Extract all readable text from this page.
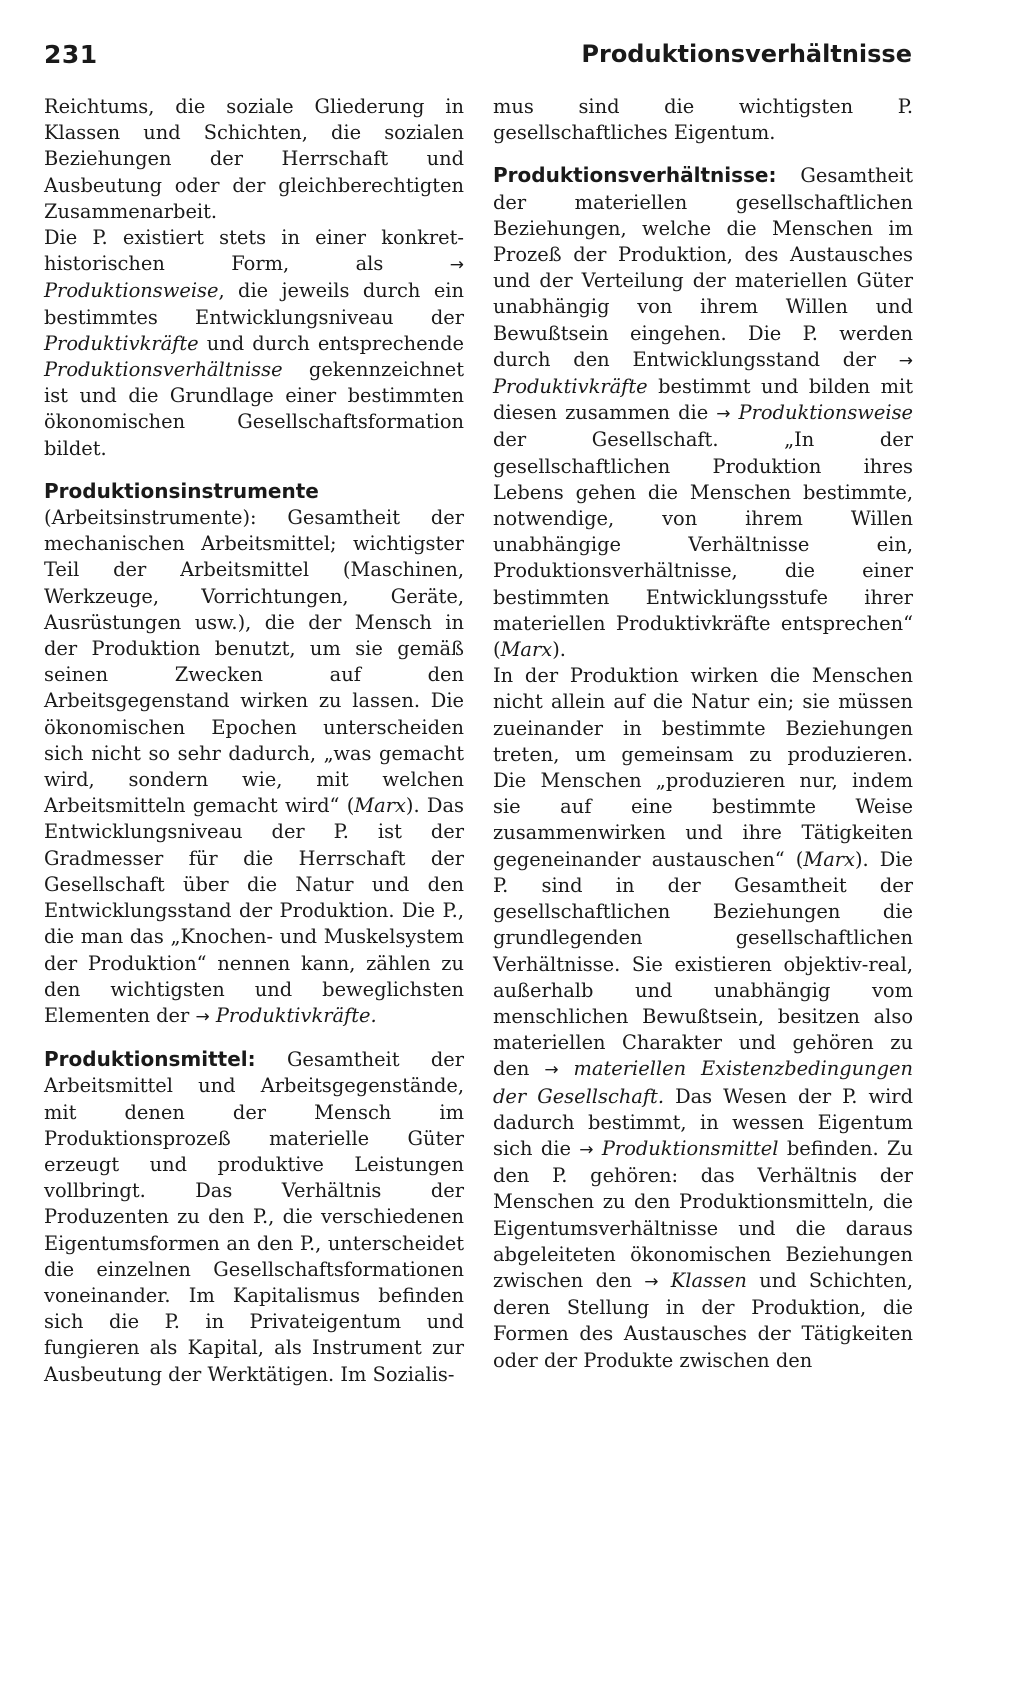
231	Produktionsverhältnisse

Reichtums, die soziale Gliederung in Klassen und Schichten, die sozialen Beziehungen der Herrschaft und Ausbeutung oder der gleichberechtigten Zusammenarbeit.

Die P. existiert stets in einer konkret-historischen Form, als	→ Produktionsweise, die jeweils durch ein bestimmtes Entwicklungsniveau der Produktivkräfte und durch entsprechende Produktionsverhältnisse gekennzeichnet ist und die Grundlage einer bestimmten ökonomischen Gesellschaftsformation bildet.

Produktionsinstrumente (Arbeitsinstrumente): Gesamtheit der mechanischen Arbeitsmittel; wichtigster Teil der Arbeitsmittel (Maschinen, Werkzeuge, Vorrichtungen, Geräte, Ausrüstungen usw.), die der Mensch in der Produktion benutzt, um sie gemäß seinen Zwecken auf den Arbeitsgegenstand wirken zu lassen. Die ökonomischen Epochen unterscheiden sich nicht so sehr dadurch, „was gemacht wird, sondern wie, mit welchen Arbeitsmitteln gemacht wird“ (Marx). Das Entwicklungsniveau der P. ist der Gradmesser für die Herrschaft der Gesellschaft über die Natur und den Entwicklungsstand der Produktion. Die P., die man das „Knochen- und Muskelsystem der Produktion“ nennen kann, zählen zu den wichtigsten und beweglichsten Elementen der → Produktivkräfte.

Produktionsmittel: Gesamtheit der Arbeitsmittel und Arbeitsgegenstände, mit denen der Mensch im Produktionsprozeß materielle Güter erzeugt und produktive Leistungen vollbringt. Das Verhältnis der Produzenten zu den P., die verschiedenen Eigentumsformen an den P., unterscheidet die einzelnen Gesellschaftsformationen voneinander. Im Kapitalismus befinden sich die P. in Privateigentum und fungieren als Kapital, als Instrument zur Ausbeutung der Werktätigen. Im Sozialis-

mus sind die wichtigsten P. gesellschaftliches Eigentum.

Produktionsverhältnisse: Gesamtheit der materiellen gesellschaftlichen Beziehungen, welche die Menschen im Prozeß der Produktion, des Austausches und der Verteilung der materiellen Güter unabhängig von ihrem Willen und Bewußtsein eingehen. Die P. werden durch den Entwicklungsstand der → Produktivkräfte bestimmt und bilden mit diesen zusammen die → Produktionsweise der Gesellschaft. „In der gesellschaftlichen Produktion ihres Lebens gehen die Menschen bestimmte, notwendige, von ihrem Willen unabhängige Verhältnisse ein, Produktionsverhältnisse, die einer bestimmten Entwicklungsstufe ihrer materiellen Produktivkräfte entsprechen“ (Marx).

In der Produktion wirken die Menschen nicht allein auf die Natur ein; sie müssen zueinander in bestimmte Beziehungen treten, um gemeinsam zu produzieren. Die Menschen „produzieren nur, indem sie auf eine bestimmte Weise zusammenwirken und ihre Tätigkeiten gegeneinander austauschen“ (Marx). Die P. sind in der Gesamtheit der gesellschaftlichen Beziehungen die grundlegenden gesellschaftlichen Verhältnisse. Sie existieren objektiv-real, außerhalb und unabhängig vom menschlichen Bewußtsein, besitzen also materiellen Charakter und gehören zu den → materiellen Existenzbedingungen der Gesellschaft. Das Wesen der P. wird dadurch bestimmt, in wessen Eigentum sich die → Produktionsmittel befinden. Zu den P. gehören: das Verhältnis der Menschen zu den Produktionsmitteln, die Eigentumsverhältnisse und die daraus abgeleiteten ökonomischen Beziehungen zwischen den → Klassen und Schichten, deren Stellung in der Produktion, die Formen des Austausches der Tätigkeiten oder der Produkte zwischen den
